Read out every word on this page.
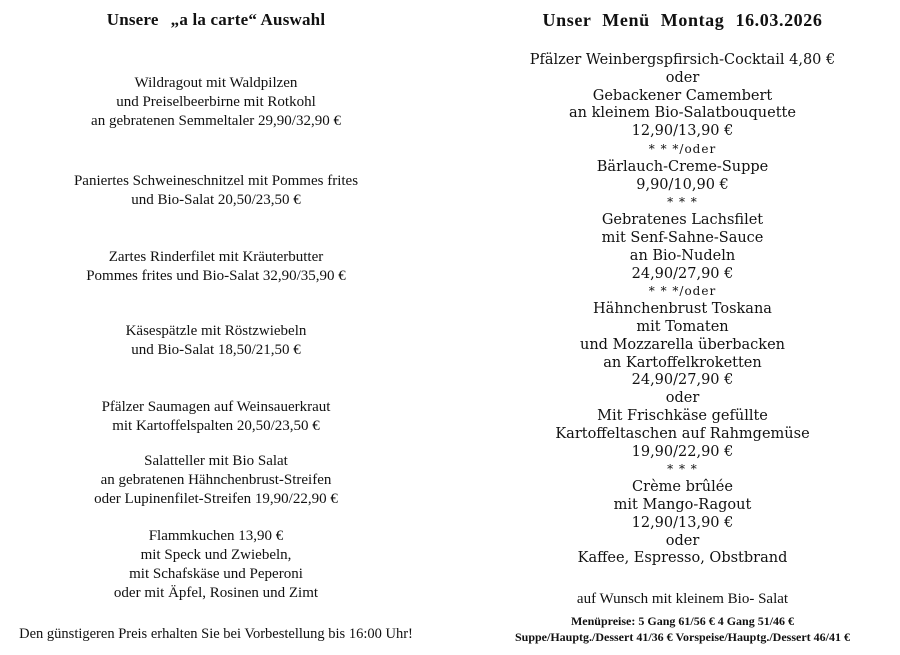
Unsere „a la carte“ Auswahl
Wildragout mit Waldpilzen
und Preiselbeerbirne mit Rotkohl
an gebratenen Semmeltaler 29,90/32,90 €
Paniertes Schweineschnitzel mit Pommes frites
und Bio-Salat 20,50/23,50 €
Zartes Rinderfilet mit Kräuterbutter
Pommes frites und Bio-Salat 32,90/35,90 €
Käsespätzle mit Röstzwiebeln
und Bio-Salat 18,50/21,50 €
Pfälzer Saumagen auf Weinsauerkraut
mit Kartoffelspalten 20,50/23,50 €
Salatteller mit Bio Salat
an gebratenen Hähnchenbrust-Streifen
oder Lupinenfilet-Streifen 19,90/22,90 €
Flammkuchen 13,90 €
mit Speck und Zwiebeln,
mit Schafskäse und Peperoni
oder mit Äpfel, Rosinen und Zimt
Den günstigeren Preis erhalten Sie bei Vorbestellung bis 16:00 Uhr!
Unser Menü Montag 16.03.2026
Pfälzer Weinbergspfirsich-Cocktail 4,80 €
oder
Gebackener Camembert
an kleinem Bio-Salatbouquette
12,90/13,90 €
* * */oder
Bärlauch-Creme-Suppe
9,90/10,90 €
* * *
Gebratenes Lachsfilet
mit Senf-Sahne-Sauce
an Bio-Nudeln
24,90/27,90 €
* * */oder
Hähnchenbrust Toskana
mit Tomaten
und Mozzarella überbacken
an Kartoffelkroketten
24,90/27,90 €
oder
Mit Frischkäse gefüllte
Kartoffeltaschen auf Rahmgemüse
19,90/22,90 €
* * *
Crème brûlée
mit Mango-Ragout
12,90/13,90 €
oder
Kaffee, Espresso, Obstbrand
auf Wunsch mit kleinem Bio- Salat
Menüpreise: 5 Gang 61/56 € 4 Gang 51/46 €
Suppe/Hauptg./Dessert 41/36 € Vorspeise/Hauptg./Dessert 46/41 €
